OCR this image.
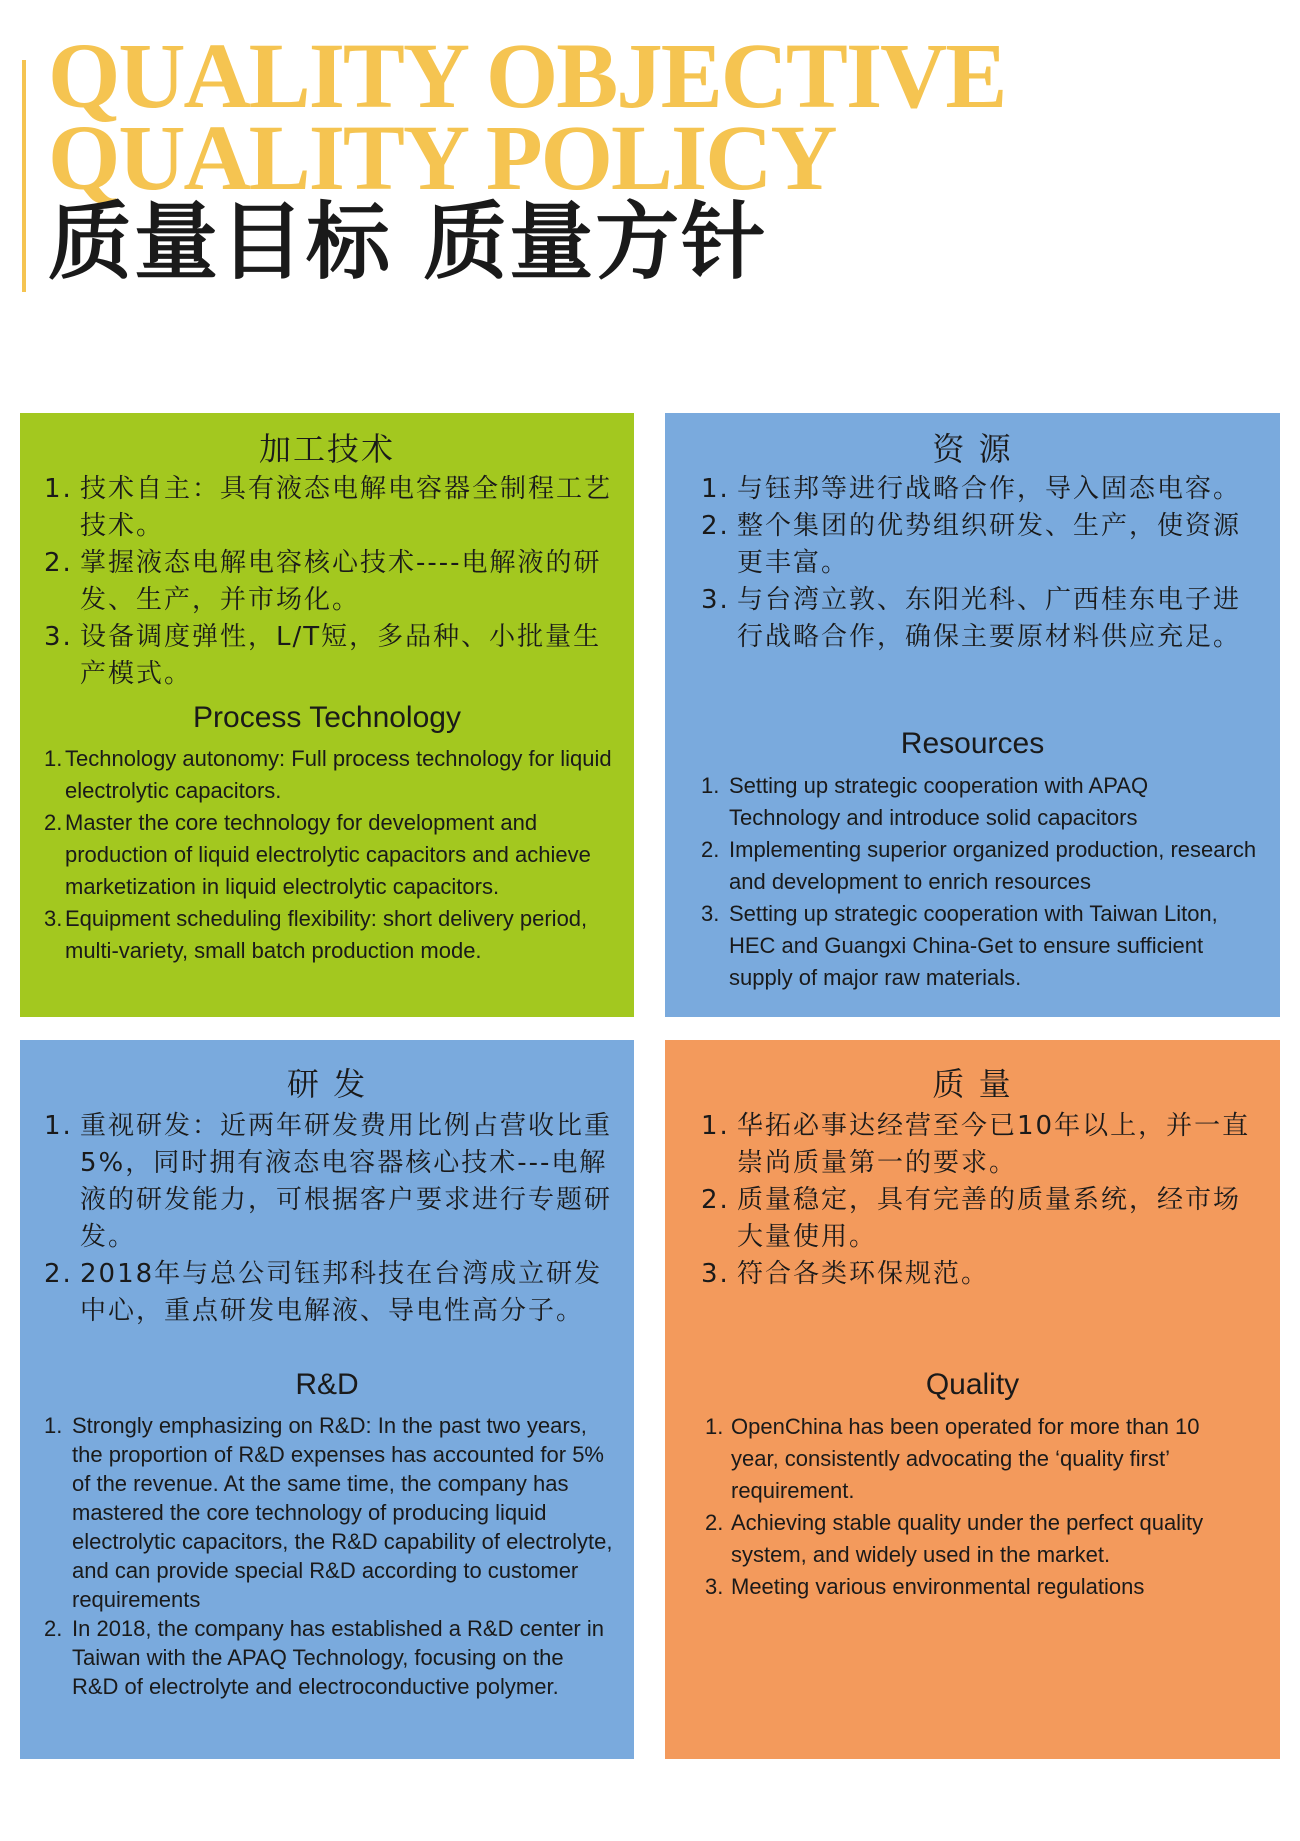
QUALITY OBJECTIVE
QUALITY POLICY
质量目标 质量方针
加工技术
1. 技术自主：具有液态电解电容器全制程工艺技术。
2. 掌握液态电解电容核心技术----电解液的研发、生产，并市场化。
3. 设备调度弹性，L/T短，多品种、小批量生产模式。
Process Technology
1. Technology autonomy: Full process technology for liquid electrolytic capacitors.
2. Master the core technology for development and production of liquid electrolytic capacitors and achieve marketization in liquid electrolytic capacitors.
3. Equipment scheduling flexibility: short delivery period, multi-variety, small batch production mode.
资 源
1. 与钰邦等进行战略合作，导入固态电容。
2. 整个集团的优势组织研发、生产，使资源更丰富。
3. 与台湾立敦、东阳光科、广西桂东电子进行战略合作，确保主要原材料供应充足。
Resources
1. Setting up strategic cooperation with APAQ Technology and introduce solid capacitors
2. Implementing superior organized production, research and development to enrich resources
3. Setting up strategic cooperation with Taiwan Liton, HEC and Guangxi China-Get to ensure sufficient supply of major raw materials.
研 发
1. 重视研发：近两年研发费用比例占营收比重5%，同时拥有液态电容器核心技术---电解液的研发能力，可根据客户要求进行专题研发。
2. 2018年与总公司钰邦科技在台湾成立研发中心，重点研发电解液、导电性高分子。
R&D
1. Strongly emphasizing on R&D: In the past two years, the proportion of R&D expenses has accounted for 5% of the revenue. At the same time, the company has mastered the core technology of producing liquid electrolytic capacitors, the R&D capability of electrolyte, and can provide special R&D according to customer requirements
2. In 2018, the company has established a R&D center in Taiwan with the APAQ Technology, focusing on the R&D of electrolyte and electroconductive polymer.
质 量
1. 华拓必事达经营至今已10年以上，并一直崇尚质量第一的要求。
2. 质量稳定，具有完善的质量系统，经市场大量使用。
3. 符合各类环保规范。
Quality
1. OpenChina has been operated for more than 10 year, consistently advocating the ‘quality first’ requirement.
2. Achieving stable quality under the perfect quality system, and widely used in the market.
3. Meeting various environmental regulations
